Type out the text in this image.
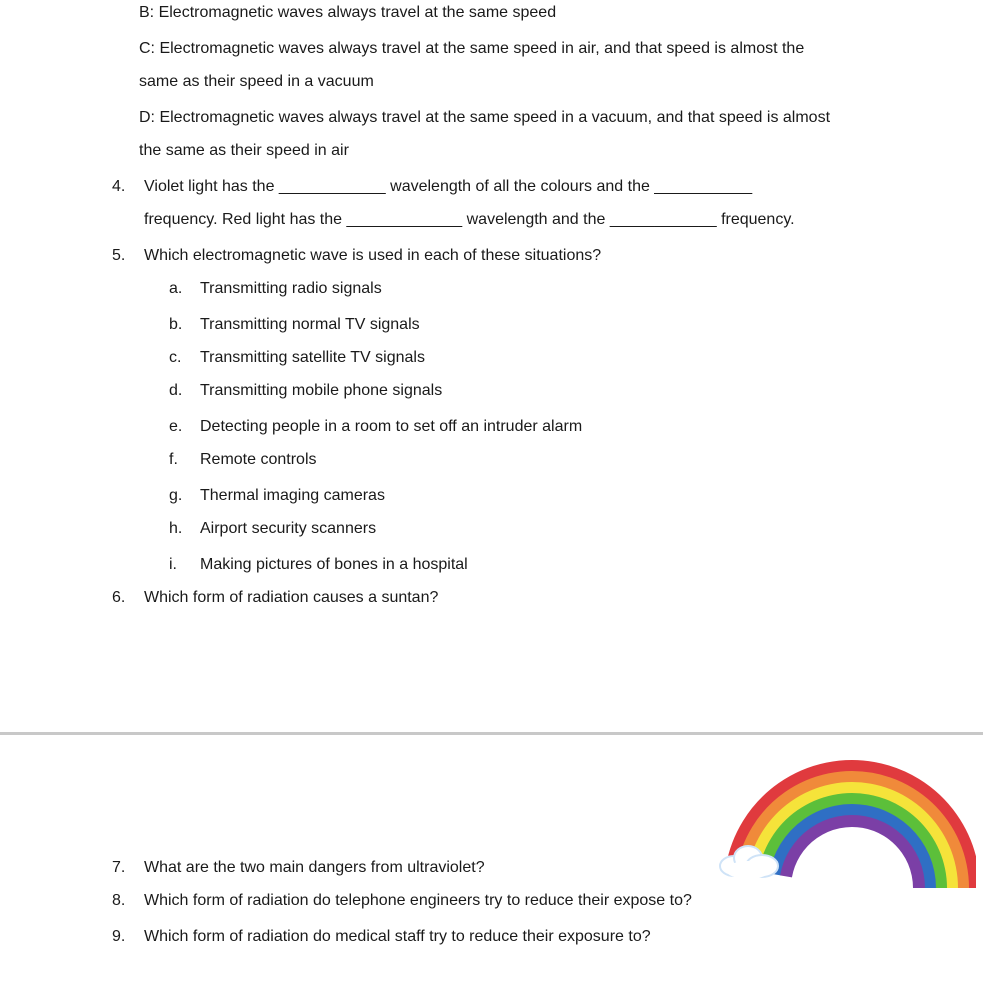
B: Electromagnetic waves always travel at the same speed
C: Electromagnetic waves always travel at the same speed in air, and that speed is almost the
same as their speed in a vacuum
D: Electromagnetic waves always travel at the same speed in a vacuum, and that speed is almost
the same as their speed in air
4. Violet light has the ____________ wavelength of all the colours and the ___________
frequency. Red light has the _____________ wavelength and the ____________ frequency.
5. Which electromagnetic wave is used in each of these situations?
a. Transmitting radio signals
b. Transmitting normal TV signals
c. Transmitting satellite TV signals
d. Transmitting mobile phone signals
e. Detecting people in a room to set off an intruder alarm
f. Remote controls
g. Thermal imaging cameras
h. Airport security scanners
i. Making pictures of bones in a hospital
6. Which form of radiation causes a suntan?
7. What are the two main dangers from ultraviolet?
8. Which form of radiation do telephone engineers try to reduce their expose to?
9. Which form of radiation do medical staff try to reduce their exposure to?
